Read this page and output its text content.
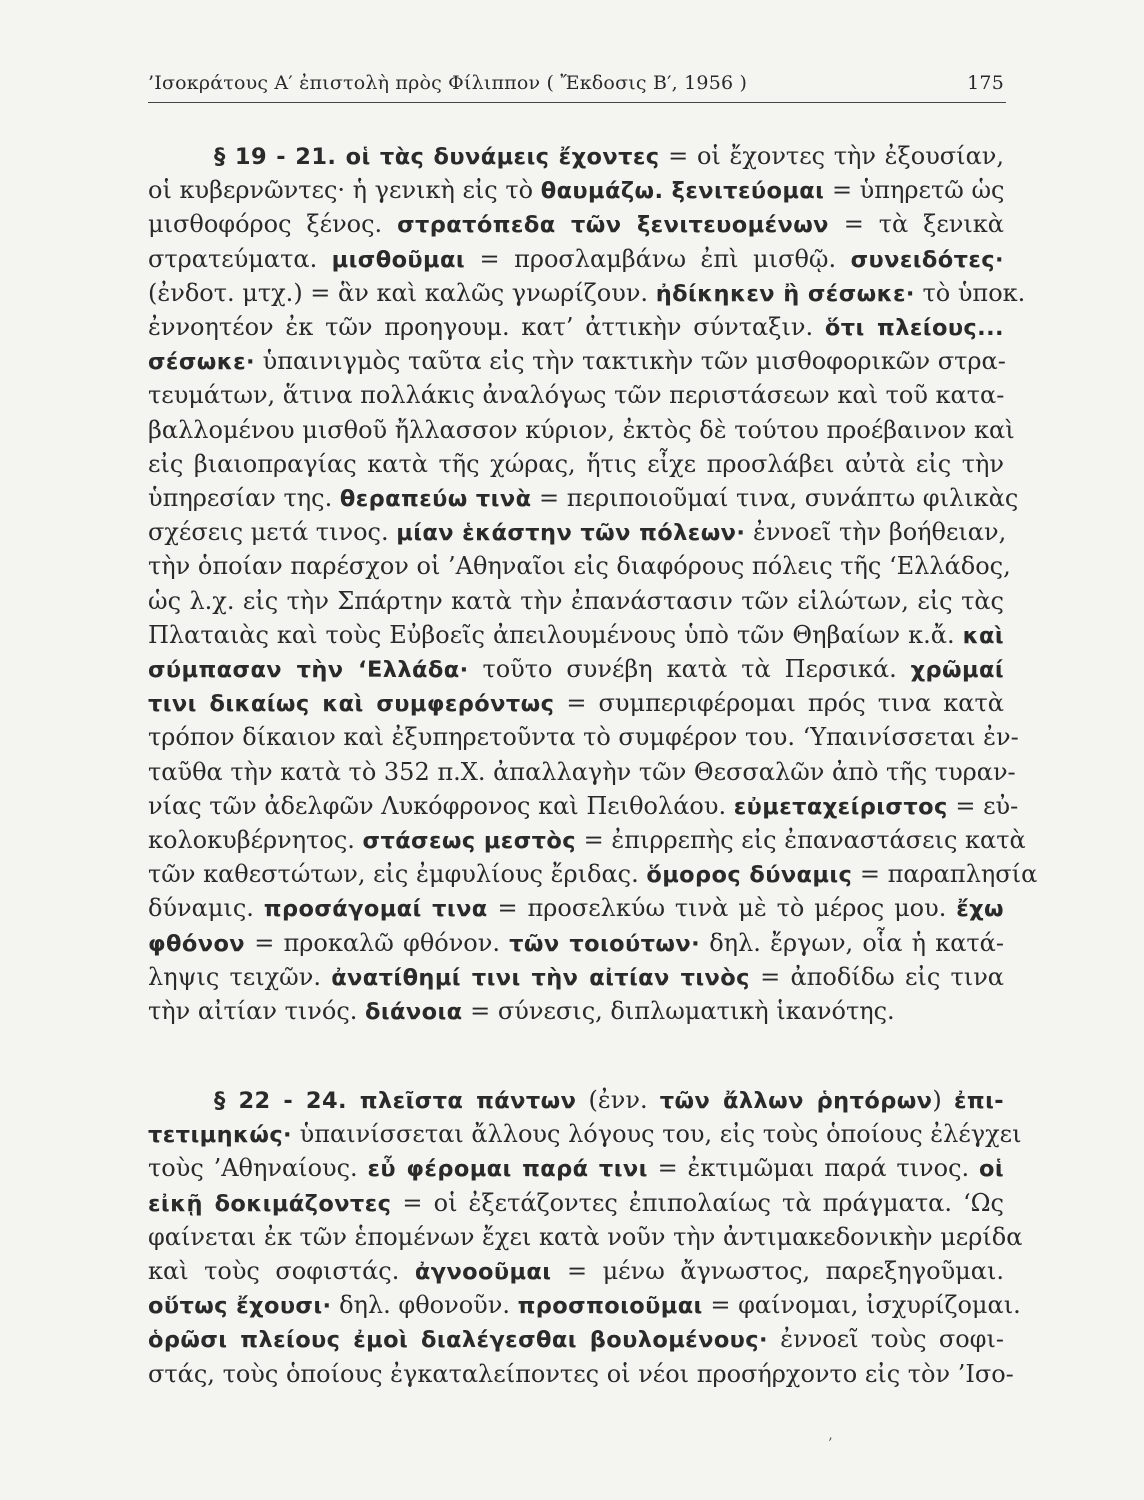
’Ισοκράτους Α′ ἐπιστολὴ πρὸς Φίλιππον ( Ἔκδοσις Β′, 1956 )	175
§ 19 - 21. οἱ τὰς δυνάμεις ἔχοντες = οἱ ἔχοντες τὴν ἐξουσίαν,
οἱ κυβερνῶντες· ἡ γενικὴ εἰς τὸ θαυμάζω. ξενιτεύομαι = ὑπηρετῶ ὡς
μισθοφόρος ξένος. στρατόπεδα τῶν ξενιτευομένων = τὰ ξενικὰ
στρατεύματα. μισθοῦμαι = προσλαμβάνω ἐπὶ μισθῷ. συνειδότες·
(ἐνδοτ. μτχ.) = ἃν καὶ καλῶς γνωρίζουν. ἠδίκηκεν ἢ σέσωκε· τὸ ὑποκ.
ἐννοητέον ἐκ τῶν προηγουμ. κατ’ ἀττικὴν σύνταξιν. ὅτι πλείους...
σέσωκε· ὑπαινιγμὸς ταῦτα εἰς τὴν τακτικὴν τῶν μισθοφορικῶν στρα-
τευμάτων, ἅτινα πολλάκις ἀναλόγως τῶν περιστάσεων καὶ τοῦ κατα-
βαλλομένου μισθοῦ ἤλλασσον κύριον, ἐκτὸς δὲ τούτου προέβαινον καὶ
εἰς βιαιοπραγίας κατὰ τῆς χώρας, ἥτις εἶχε προσλάβει αὐτὰ εἰς τὴν
ὑπηρεσίαν της. θεραπεύω τινὰ = περιποιοῦμαί τινα, συνάπτω φιλικὰς
σχέσεις μετά τινος. μίαν ἑκάστην τῶν πόλεων· ἐννοεῖ τὴν βοήθειαν,
τὴν ὁποίαν παρέσχον οἱ ’Αθηναῖοι εἰς διαφόρους πόλεις τῆς ‘Ελλάδος,
ὡς λ.χ. εἰς τὴν Σπάρτην κατὰ τὴν ἐπανάστασιν τῶν εἱλώτων, εἰς τὰς
Πλαταιὰς καὶ τοὺς Εὐβοεῖς ἀπειλουμένους ὑπὸ τῶν Θηβαίων κ.ἄ. καὶ
σύμπασαν τὴν ‘Ελλάδα· τοῦτο συνέβη κατὰ τὰ Περσικά. χρῶμαί
τινι δικαίως καὶ συμφερόντως = συμπεριφέρομαι πρός τινα κατὰ
τρόπον δίκαιον καὶ ἐξυπηρετοῦντα τὸ συμφέρον του. ‘Υπαινίσσεται ἐν-
ταῦθα τὴν κατὰ τὸ 352 π.Χ. ἀπαλλαγὴν τῶν Θεσσαλῶν ἀπὸ τῆς τυραν-
νίας τῶν ἀδελφῶν Λυκόφρονος καὶ Πειθολάου. εὐμεταχείριστος = εὐ-
κολοκυβέρνητος. στάσεως μεστὸς = ἐπιρρεπὴς εἰς ἐπαναστάσεις κατὰ
τῶν καθεστώτων, εἰς ἐμφυλίους ἔριδας. ὅμορος δύναμις = παραπλησία
δύναμις. προσάγομαί τινα = προσελκύω τινὰ μὲ τὸ μέρος μου. ἔχω
φθόνον = προκαλῶ φθόνον. τῶν τοιούτων· δηλ. ἔργων, οἷα ἡ κατά-
ληψις τειχῶν. ἀνατίθημί τινι τὴν αἰτίαν τινὸς = ἀποδίδω εἰς τινα
τὴν αἰτίαν τινός. διάνοια = σύνεσις, διπλωματικὴ ἱκανότης.
§ 22 - 24. πλεῖστα πάντων (ἐνν. τῶν ἄλλων ῥητόρων) ἐπι-
τετιμηκώς· ὑπαινίσσεται ἄλλους λόγους του, εἰς τοὺς ὁποίους ἐλέγχει
τοὺς ’Αθηναίους. εὖ φέρομαι παρά τινι = ἐκτιμῶμαι παρά τινος. οἱ
εἰκῇ δοκιμάζοντες = οἱ ἐξετάζοντες ἐπιπολαίως τὰ πράγματα. ‘Ως
φαίνεται ἐκ τῶν ἑπομένων ἔχει κατὰ νοῦν τὴν ἀντιμακεδονικὴν μερίδα
καὶ τοὺς σοφιστάς. ἀγνοοῦμαι = μένω ἄγνωστος, παρεξηγοῦμαι.
οὕτως ἔχουσι· δηλ. φθονοῦν. προσποιοῦμαι = φαίνομαι, ἰσχυρίζομαι.
ὁρῶσι πλείους ἐμοὶ διαλέγεσθαι βουλομένους· ἐννοεῖ τοὺς σοφι-
στάς, τοὺς ὁποίους ἐγκαταλείποντες οἱ νέοι προσήρχοντο εἰς τὸν ’Ισο-
’
